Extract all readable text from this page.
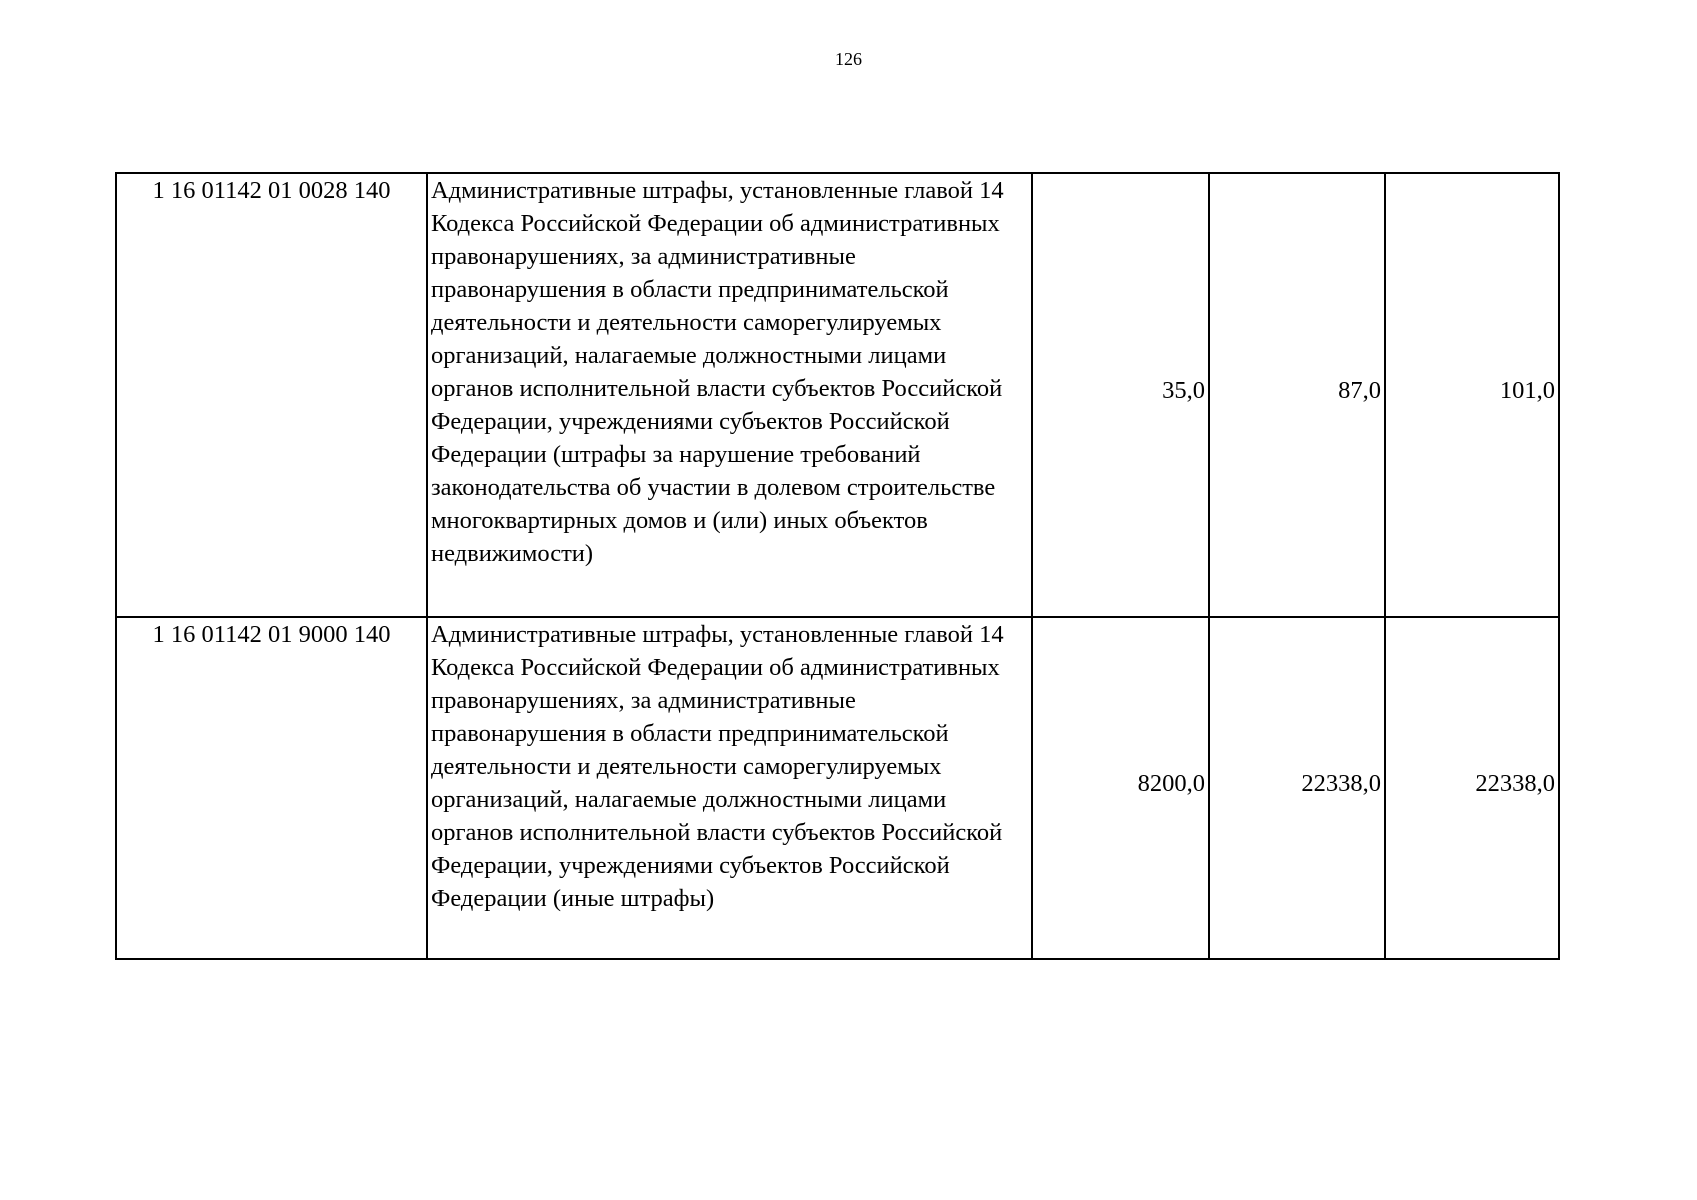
126
1 16 01142 01 0028 140	Административные штрафы, установленные главой 14 Кодекса Российской Федерации об административных правонарушениях, за административные правонарушения в области предпринимательской деятельности и деятельности саморегулируемых организаций, налагаемые должностными лицами органов исполнительной власти субъектов Российской Федерации, учреждениями субъектов Российской Федерации (штрафы за нарушение требований законодательства об участии в долевом строительстве многоквартирных домов и (или) иных объектов недвижимости)	35,0	87,0	101,0
1 16 01142 01 9000 140	Административные штрафы, установленные главой 14 Кодекса Российской Федерации об административных правонарушениях, за административные правонарушения в области предпринимательской деятельности и деятельности саморегулируемых организаций, налагаемые должностными лицами органов исполнительной власти субъектов Российской Федерации, учреждениями субъектов Российской Федерации (иные штрафы)	8200,0	22338,0	22338,0
